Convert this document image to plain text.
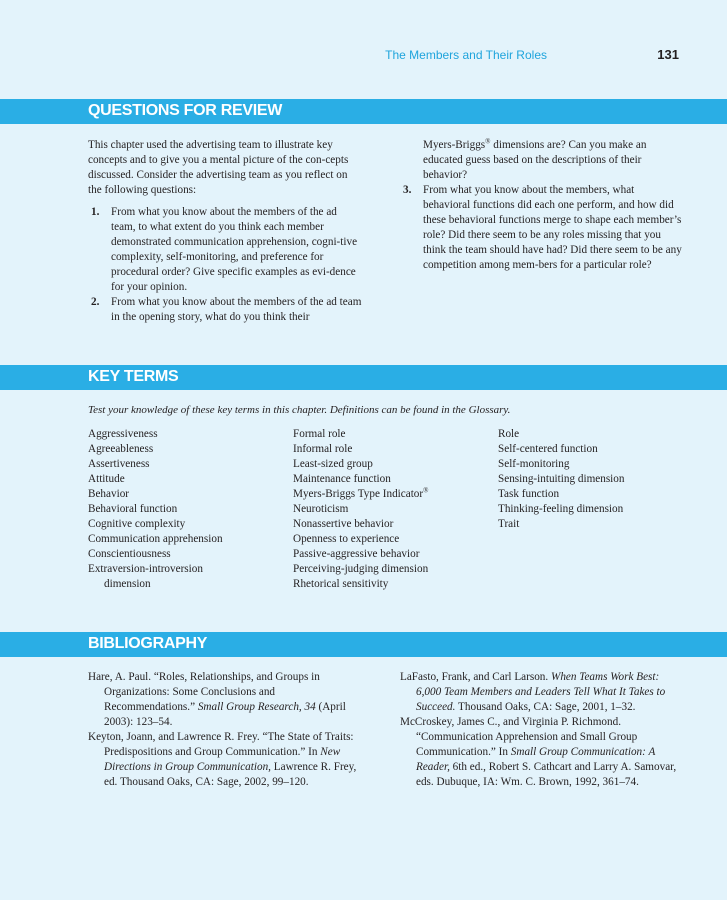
The Members and Their Roles	131
QUESTIONS FOR REVIEW

This chapter used the advertising team to illustrate key concepts and to give you a mental picture of the con-cepts discussed. Consider the advertising team as you reflect on the following questions:

1. From what you know about the members of the ad team, to what extent do you think each member demonstrated communication apprehension, cogni-tive complexity, self-monitoring, and preference for procedural order? Give specific examples as evi-dence for your opinion.

2. From what you know about the members of the ad team in the opening story, what do you think their

Myers-Briggs® dimensions are? Can you make an educated guess based on the descriptions of their behavior?

3. From what you know about the members, what behavioral functions did each one perform, and how did these behavioral functions merge to shape each member’s role? Did there seem to be any roles missing that you think the team should have had? Did there seem to be any competition among mem-bers for a particular role?

KEY TERMS
Test your knowledge of these key terms in this chapter. Definitions can be found in the Glossary.
Aggressiveness
Agreeableness
Assertiveness
Attitude
Behavior
Behavioral function
Cognitive complexity
Communication apprehension
Conscientiousness
Extraversion-introversion
dimension
Formal role
Informal role
Least-sized group
Maintenance function
Myers-Briggs Type Indicator®
Neuroticism
Nonassertive behavior
Openness to experience
Passive-aggressive behavior
Perceiving-judging dimension
Rhetorical sensitivity
Role
Self-centered function
Self-monitoring
Sensing-intuiting dimension
Task function
Thinking-feeling dimension
Trait
BIBLIOGRAPHY

Hare, A. Paul. “Roles, Relationships, and Groups in Organizations: Some Conclusions and Recommendations.” Small Group Research, 34 (April 2003): 123–54.

Keyton, Joann, and Lawrence R. Frey. “The State of Traits: Predispositions and Group Communication.” In New Directions in Group Communication, Lawrence R. Frey, ed. Thousand Oaks, CA: Sage, 2002, 99–120.

LaFasto, Frank, and Carl Larson. When Teams Work Best: 6,000 Team Members and Leaders Tell What It Takes to Succeed. Thousand Oaks, CA: Sage, 2001, 1–32.

McCroskey, James C., and Virginia P. Richmond. “Communication Apprehension and Small Group Communication.” In Small Group Communication: A Reader, 6th ed., Robert S. Cathcart and Larry A. Samovar, eds. Dubuque, IA: Wm. C. Brown, 1992, 361–74.
